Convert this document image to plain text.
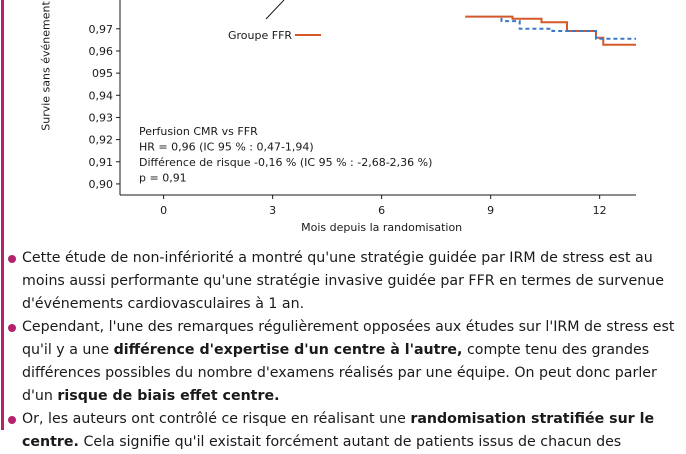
0,97
0,96
095
0,94
0,93
0,92
0,91
0,90
0	3	6	9	12
Mois depuis la randomisation
Groupe FFR
Perfusion CMR vs FFR
HR = 0,96 (IC 95 % : 0,47-1,94)
Différence de risque -0,16 % (IC 95 % : -2,68-2,36 %)
p = 0,91
Survie sans événement
Cette étude de non-infériorité a montré qu'une stratégie guidée par IRM de stress est au moins aussi performante qu'une stratégie invasive guidée par FFR en termes de survenue d'événements cardiovasculaires à 1 an.
Cependant, l'une des remarques régulièrement opposées aux études sur l'IRM de stress est qu'il y a une différence d'expertise d'un centre à l'autre, compte tenu des grandes différences possibles du nombre d'examens réalisés par une équipe. On peut donc parler d'un risque de biais effet centre.
Or, les auteurs ont contrôlé ce risque en réalisant une randomisation stratifiée sur le centre. Cela signifie qu'il existait forcément autant de patients issus de chacun des
